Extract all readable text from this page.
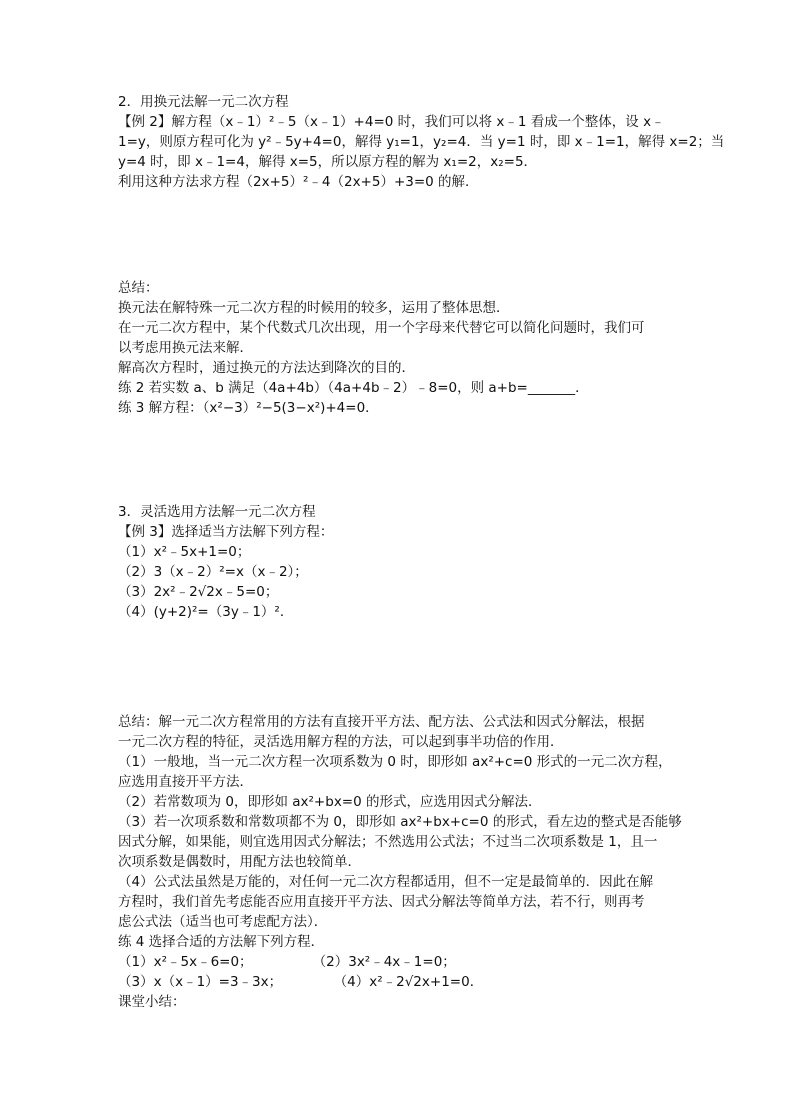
2．用换元法解一元二次方程
【例 2】解方程（x﹣1）²﹣5（x﹣1）+4=0 时，我们可以将 x﹣1 看成一个整体，设 x﹣
1=y，则原方程可化为 y²﹣5y+4=0，解得 y₁=1，y₂=4．当 y=1 时，即 x﹣1=1，解得 x=2；当
y=4 时，即 x﹣1=4，解得 x=5，所以原方程的解为 x₁=2，x₂=5．
利用这种方法求方程（2x+5）²﹣4（2x+5）+3=0 的解．
总结：
换元法在解特殊一元二次方程的时候用的较多，运用了整体思想．
在一元二次方程中，某个代数式几次出现，用一个字母来代替它可以简化问题时，我们可
以考虑用换元法来解．
解高次方程时，通过换元的方法达到降次的目的．
练 2 若实数 a、b 满足（4a+4b）（4a+4b﹣2）﹣8=0，则 a+b=_______．
练 3 解方程：（x²−3）²−5(3−x²)+4=0．
3．灵活选用方法解一元二次方程
【例 3】选择适当方法解下列方程：
（1）x²﹣5x+1=0；
（2）3（x﹣2）²=x（x﹣2）；
（3）2x²﹣2√2x﹣5=0；
（4）(y+2)²=（3y﹣1）²．
总结：解一元二次方程常用的方法有直接开平方法、配方法、公式法和因式分解法，根据
一元二次方程的特征，灵活选用解方程的方法，可以起到事半功倍的作用．
（1）一般地，当一元二次方程一次项系数为 0 时，即形如 ax²+c=0 形式的一元二次方程，
应选用直接开平方法．
（2）若常数项为 0，即形如 ax²+bx=0 的形式，应选用因式分解法．
（3）若一次项系数和常数项都不为 0，即形如 ax²+bx+c=0 的形式，看左边的整式是否能够
因式分解，如果能，则宜选用因式分解法；不然选用公式法；不过当二次项系数是 1，且一
次项系数是偶数时，用配方法也较简单．
（4）公式法虽然是万能的，对任何一元二次方程都适用，但不一定是最简单的．因此在解
方程时，我们首先考虑能否应用直接开平方法、因式分解法等简单方法，若不行，则再考
虑公式法（适当也可考虑配方法）．
练 4 选择合适的方法解下列方程．
（1）x²﹣5x﹣6=0；              （2）3x²﹣4x﹣1=0；
（3）x（x﹣1）=3﹣3x；            （4）x²﹣2√2x+1=0．
课堂小结：
